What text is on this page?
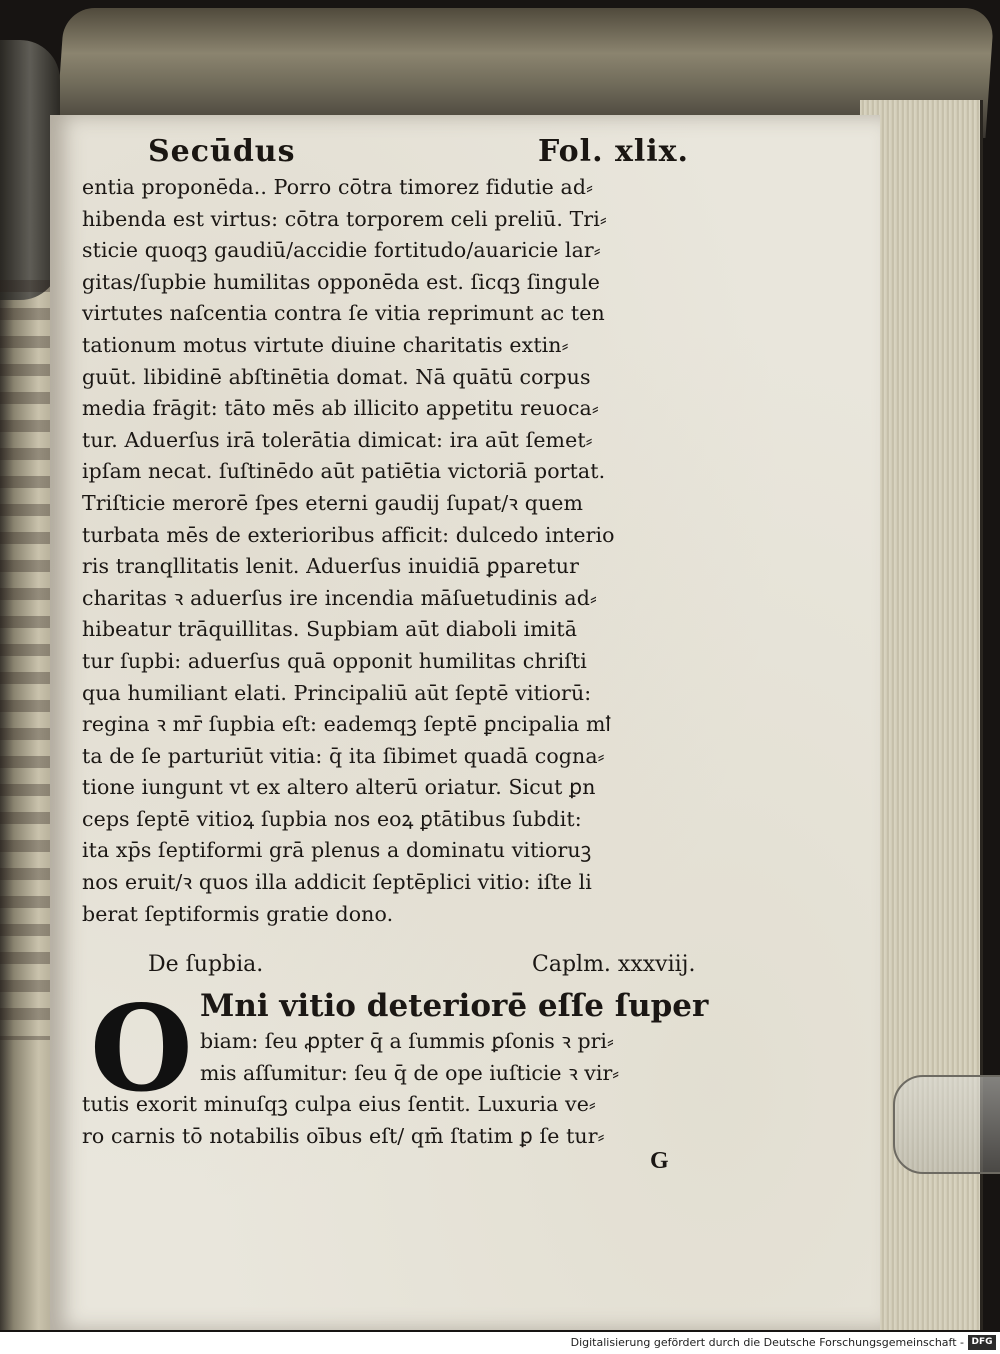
Secūdus	Fol. xlix.
entia proponēda.. Porro cōtra timorez fidutie ad⸗
hibenda est virtus: cōtra torporem celi preliū. Tri⸗
sticie quoqꝫ gaudiū/accidie fortitudo/auaricie lar⸗
gitas/ſupbie humilitas opponēda est. ſicqꝫ ſingule
virtutes naſcentia contra ſe vitia reprimunt ac ten
tationum motus virtute diuine charitatis extin⸗
guūt. libidinē abſtinētia domat. Nā quātū corpus
media frāgit: tāto mēs ab illicito appetitu reuoca⸗
tur. Aduerſus irā tolerātia dimicat: ira aūt ſemet⸗
ipſam necat. ſuſtinēdo aūt patiētia victoriā portat.
Triſticie merorē ſpes eterni gaudij ſupat/ꝛ quem
turbata mēs de exterioribus afficit: dulcedo interio
ris tranqllitatis lenit. Aduerſus inuidiā ꝑparetur
charitas ꝛ aduerſus ire incendia māſuetudinis ad⸗
hibeatur trāquillitas. Supbiam aūt diaboli imitā
tur ſupbi: aduerſus quā opponit humilitas chriſti
qua humiliant elati. Principaliū aūt ſeptē vitiorū:
regina ꝛ mr̄ ſupbia eſt: eademqꝫ ſeptē ꝑncipalia mꝉ
ta de ſe parturiūt vitia: q̄ ita ſibimet quadā cogna⸗
tione iungunt vt ex altero alterū oriatur. Sicut ꝑn
ceps ſeptē vitioꝝ ſupbia nos eoꝝ ꝑtātibus ſubdit:
ita xp̄s ſeptiformi grā plenus a dominatu vitioruꝫ
nos eruit/ꝛ quos illa addicit ſeptēplici vitio: iſte li
berat ſeptiformis gratie dono.
De ſupbia.	Caplm. xxxviij.
O Mni vitio deteriorē eſſe ſuper
biam: ſeu ꝓpter q̄ a ſummis ꝑſonis ꝛ pri⸗
mis aſſumitur: ſeu q̄ de ope iuſticie ꝛ vir⸗
tutis exorit minuſqꝫ culpa eius ſentit. Luxuria ve⸗
ro carnis tō notabilis oībus eſt/ qm̄ ſtatim ꝑ ſe tur⸗
G
Digitalisierung gefördert durch die Deutsche Forschungsgemeinschaft - DFG
